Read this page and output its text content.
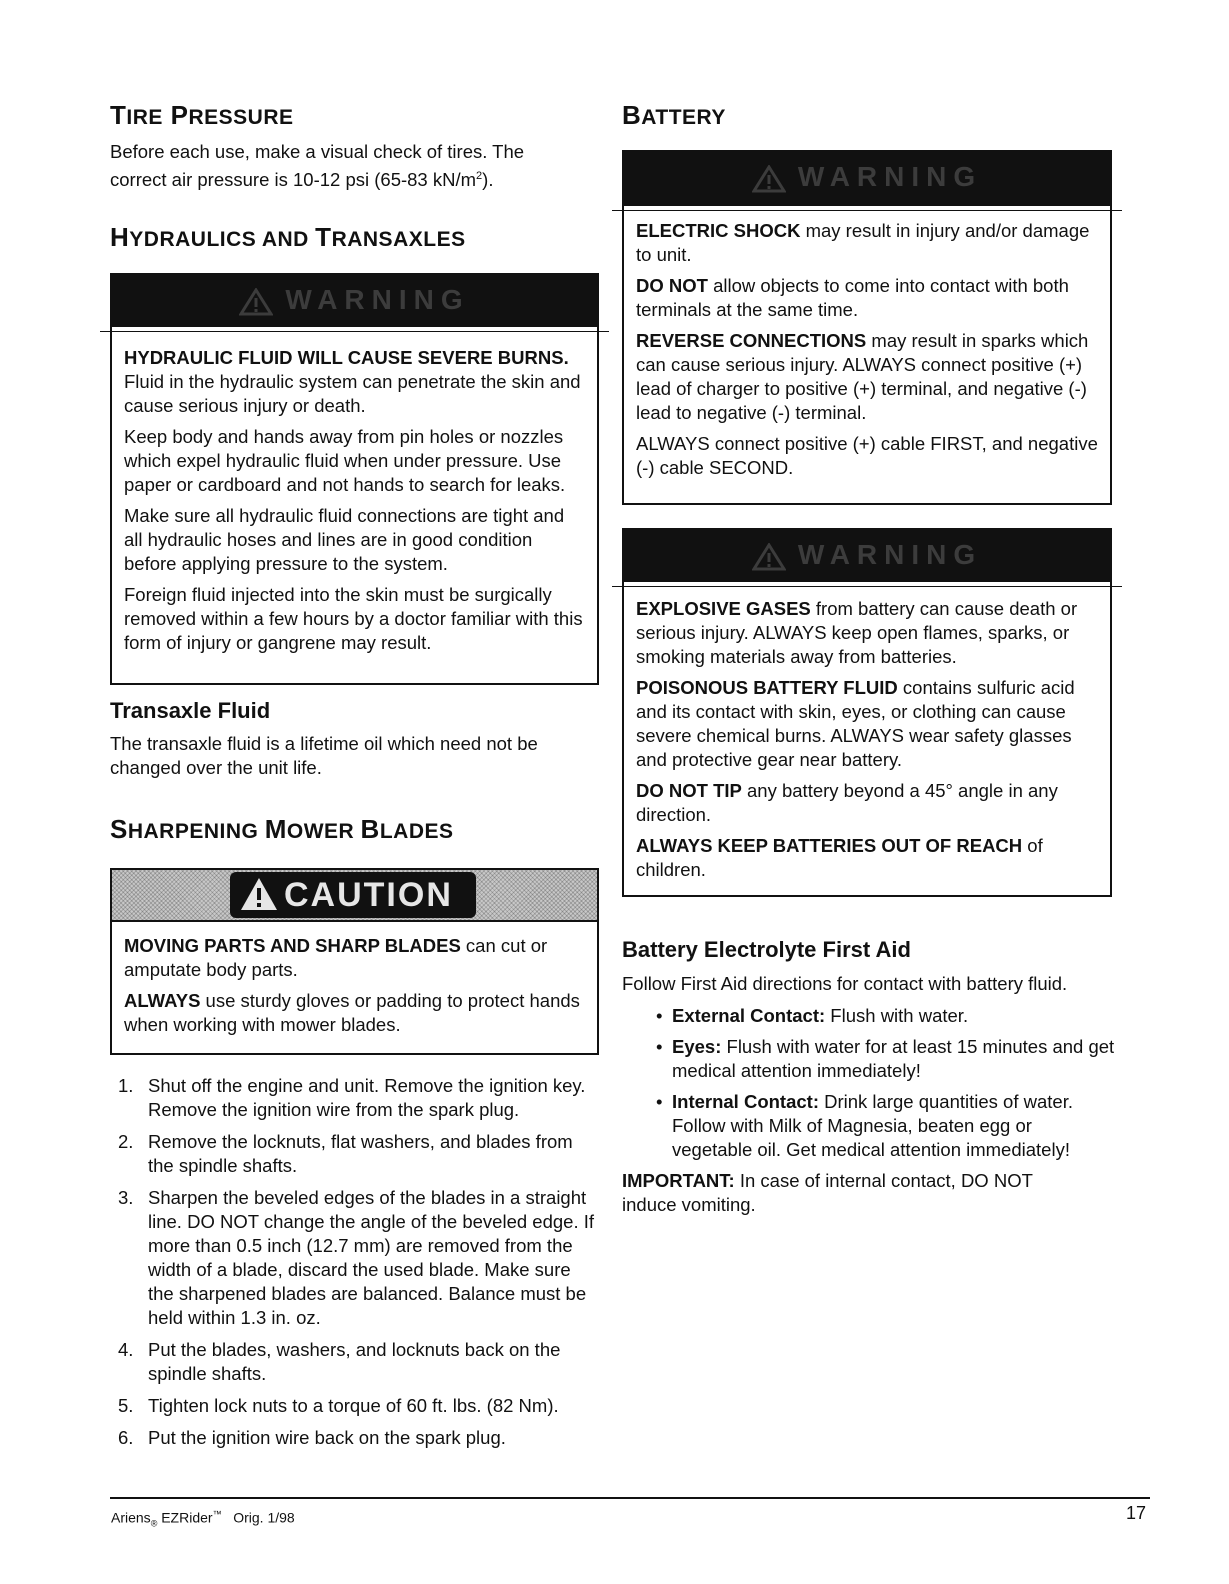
TIRE PRESSURE

Before each use, make a visual check of tires. The correct air pressure is 10-12 psi (65-83 $kN/m^2$).

HYDRAULICS AND TRANSAXLES
WARNING

HYDRAULIC FLUID WILL CAUSE SEVERE BURNS. Fluid in the hydraulic system can penetrate the skin and cause serious injury or death.

Keep body and hands away from pin holes or nozzles which expel hydraulic fluid when under pressure. Use paper or cardboard and not hands to search for leaks.

Make sure all hydraulic fluid connections are tight and all hydraulic hoses and lines are in good condition before applying pressure to the system.

Foreign fluid injected into the skin must be surgically removed within a few hours by a doctor familiar with this form of injury or gangrene may result.

Transaxle Fluid

The transaxle fluid is a lifetime oil which need not be changed over the unit life.

SHARPENING MOWER BLADES
CAUTION

MOVING PARTS AND SHARP BLADES can cut or amputate body parts.

ALWAYS use sturdy gloves or padding to protect hands when working with mower blades.

1. Shut off the engine and unit. Remove the ignition key. Remove the ignition wire from the spark plug.
2. Remove the locknuts, flat washers, and blades from the spindle shafts.
3. Sharpen the beveled edges of the blades in a straight line. DO NOT change the angle of the beveled edge. If more than 0.5 inch (12.7 mm) are removed from the width of a blade, discard the used blade. Make sure the sharpened blades are balanced. Balance must be held within 1.3 in. oz.
4. Put the blades, washers, and locknuts back on the spindle shafts.
5. Tighten lock nuts to a torque of 60 ft. lbs. (82 Nm).
6. Put the ignition wire back on the spark plug.
BATTERY
WARNING

ELECTRIC SHOCK may result in injury and/or damage to unit.

DO NOT allow objects to come into contact with both terminals at the same time.

REVERSE CONNECTIONS may result in sparks which can cause serious injury. ALWAYS connect positive (+) lead of charger to positive (+) terminal, and negative (-) lead to negative (-) terminal.

ALWAYS connect positive (+) cable FIRST, and negative (-) cable SECOND.

WARNING

EXPLOSIVE GASES from battery can cause death or serious injury. ALWAYS keep open flames, sparks, or smoking materials away from batteries.

POISONOUS BATTERY FLUID contains sulfuric acid and its contact with skin, eyes, or clothing can cause severe chemical burns. ALWAYS wear safety glasses and protective gear near battery.

DO NOT TIP any battery beyond a 45° angle in any direction.

ALWAYS KEEP BATTERIES OUT OF REACH of children.

Battery Electrolyte First Aid

Follow First Aid directions for contact with battery fluid.

• External Contact: Flush with water.
• Eyes: Flush with water for at least 15 minutes and get medical attention immediately!
• Internal Contact: Drink large quantities of water. Follow with Milk of Magnesia, beaten egg or vegetable oil. Get medical attention immediately!

IMPORTANT: In case of internal contact, DO NOT induce vomiting.

Ariens$_®$ EZRider™ Orig. 1/98	17
